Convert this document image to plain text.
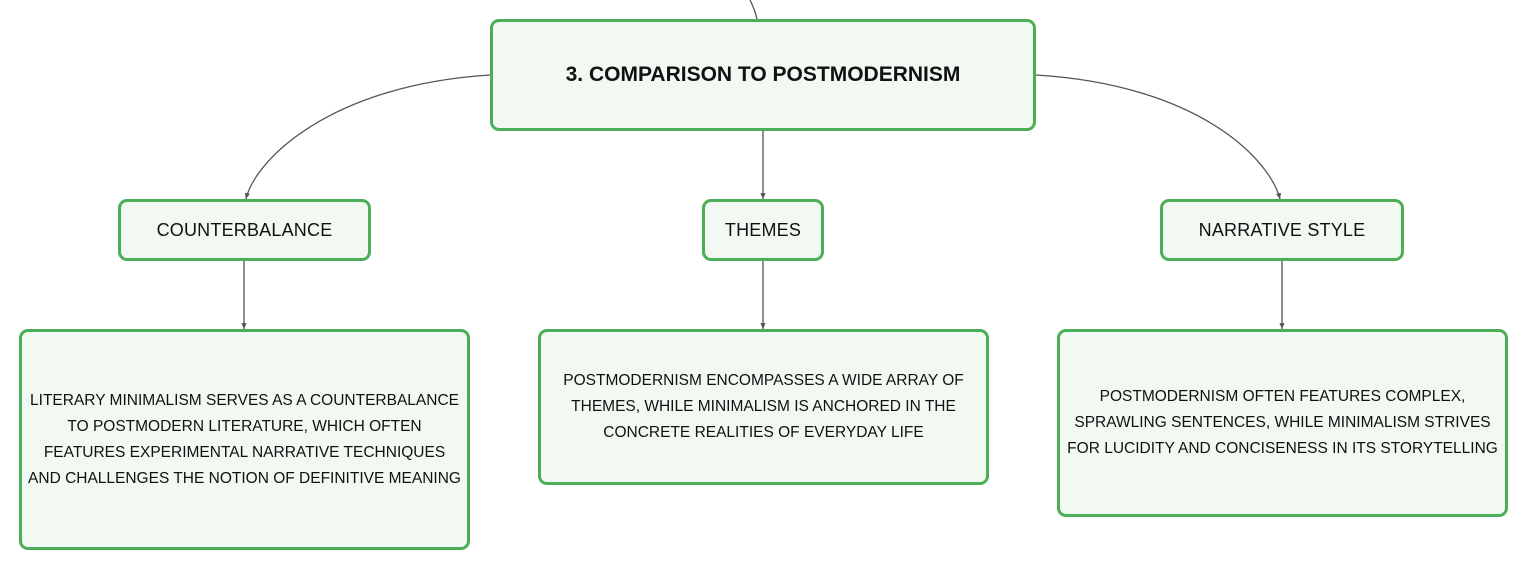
3. COMPARISON TO POSTMODERNISM
COUNTERBALANCE	THEMES	NARRATIVE STYLE
LITERARY MINIMALISM SERVES AS A COUNTERBALANCE TO POSTMODERN LITERATURE, WHICH OFTEN FEATURES EXPERIMENTAL NARRATIVE TECHNIQUES AND CHALLENGES THE NOTION OF DEFINITIVE MEANING
POSTMODERNISM ENCOMPASSES A WIDE ARRAY OF THEMES, WHILE MINIMALISM IS ANCHORED IN THE CONCRETE REALITIES OF EVERYDAY LIFE
POSTMODERNISM OFTEN FEATURES COMPLEX, SPRAWLING SENTENCES, WHILE MINIMALISM STRIVES FOR LUCIDITY AND CONCISENESS IN ITS STORYTELLING
